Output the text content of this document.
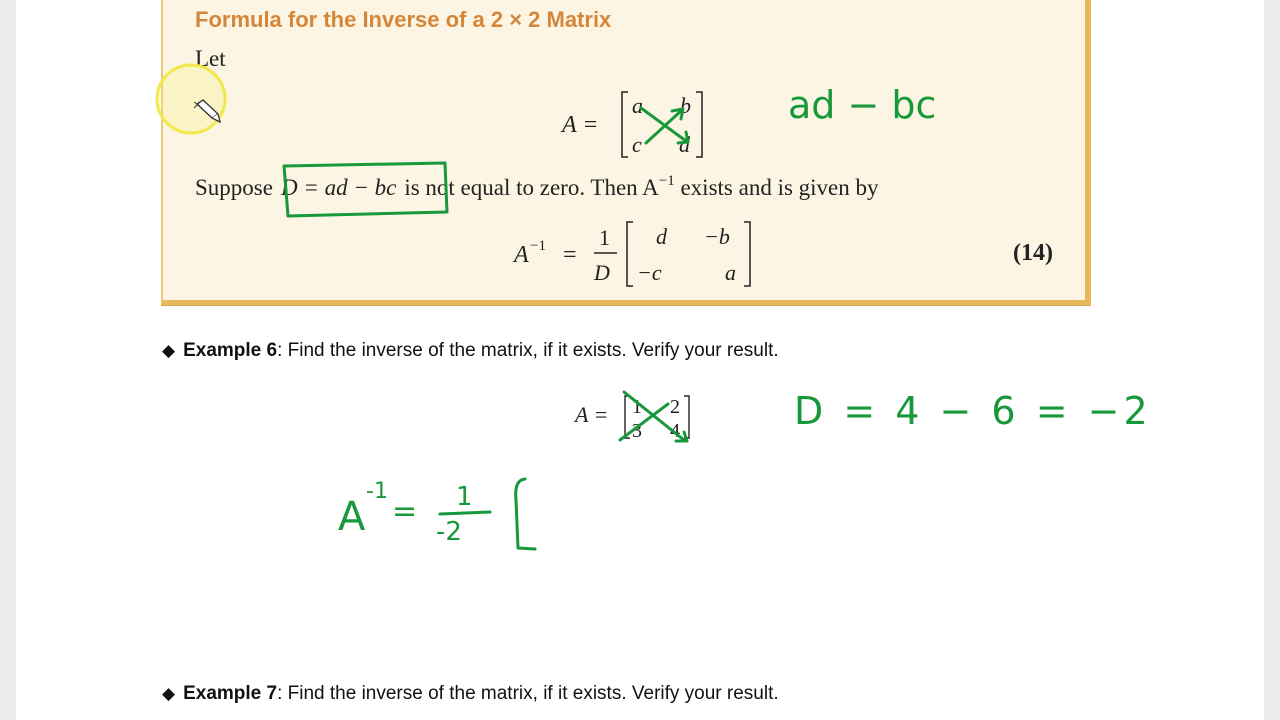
Formula for the Inverse of a 2 × 2 Matrix
Let
Suppose D = ad − bc is not equal to zero. Then $A^{-1}$ exists and is given by
(14)
◆ Example 6: Find the inverse of the matrix, if it exists. Verify your result.
◆ Example 7: Find the inverse of the matrix, if it exists. Verify your result.
A =
a b
c d
A −1 =
1
D
d −b
−c	a
A = 1 2
3 4
ad − bc
D = 4 − 6 = −2
A
-1
= 1
-2
